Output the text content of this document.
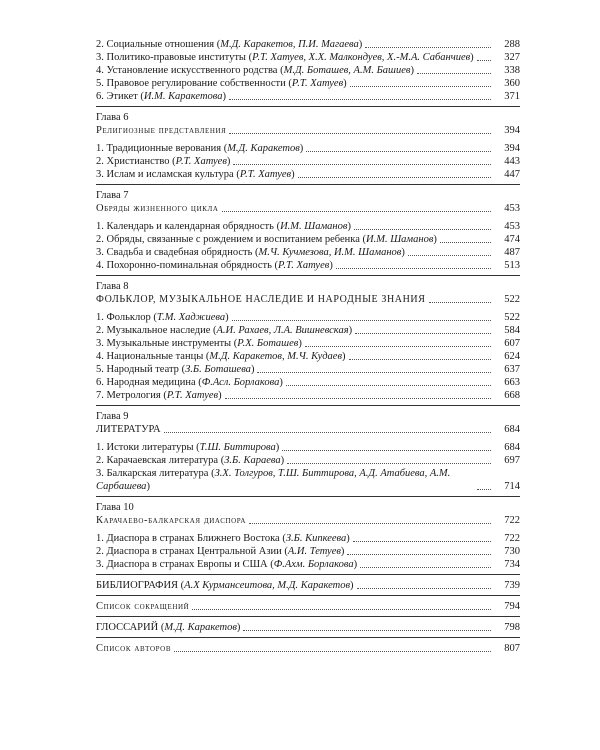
2. Социальные отношения (М.Д. Каракетов, П.И. Магаева)	288
3. Политико-правовые институты (Р.Т. Хатуев, Х.Х. Малкондуев, Х.-М.А. Сабанчиев)	327
4. Установление искусственного родства (М.Д. Ботaшев, А.М. Башиев)	338
5. Правовое регулирование собственности (Р.Т. Хатуев)	360
6. Этикет (И.М. Каракетова)	371
Глава 6
Религиозные представления	394
1. Традиционные верования (М.Д. Каракетов)	394
2. Христианство (Р.Т. Хатуев)	443
3. Ислам и исламская культура (Р.Т. Хатуев)	447
Глава 7
Обряды жизненного цикла	453
1. Календарь и календарная обрядность (И.М. Шаманов)	453
2. Обряды, связанные с рождением и воспитанием ребенка (И.М. Шаманов)	474
3. Свадьба и свадебная обрядность (М.Ч. Кучмезова, И.М. Шаманов)	487
4. Похоронно-поминальная обрядность (Р.Т. Хатуев)	513
Глава 8
ФОЛЬКЛОР, МУЗЫКАЛЬНОЕ НАСЛЕДИЕ И НАРОДНЫЕ ЗНАНИЯ	522
1. Фольклор (Т.М. Хаджиева)	522
2. Музыкальное наследие (А.И. Рахаев, Л.А. Вишневская)	584
3. Музыкальные инструменты (Р.Х. Ботaшев)	607
4. Национальные танцы (М.Д. Каракетов, М.Ч. Кудаев)	624
5. Народный театр (З.Б. Ботaшева)	637
6. Народная медицина (Ф.Асл. Борлакова)	663
7. Метрология (Р.Т. Хатуев)	668
Глава 9
ЛИТЕРАТУРА	684
1. Истоки литературы (Т.Ш. Биттирова)	684
2. Карачаевская литература (З.Б. Караева)	697
3. Балкарская литература (З.Х. Толгуров, Т.Ш. Биттирова, А.Д. Атабиева, А.М. Сарбашева)	714
Глава 10
Карачаево-балкарская диаспора	722
1. Диаспора в странах Ближнего Востока (З.Б. Кипкеева)	722
2. Диаспора в странах Центральной Азии (А.И. Тетуев)	730
3. Диаспора в странах Европы и США (Ф.Ахм. Борлакова)	734
БИБЛИОГРАФИЯ (А.Х Курмансеитова, М.Д. Каракетов)	739
Список сокращений	794
ГЛОССАРИЙ (М.Д. Каракетов)	798
Список авторов	807
